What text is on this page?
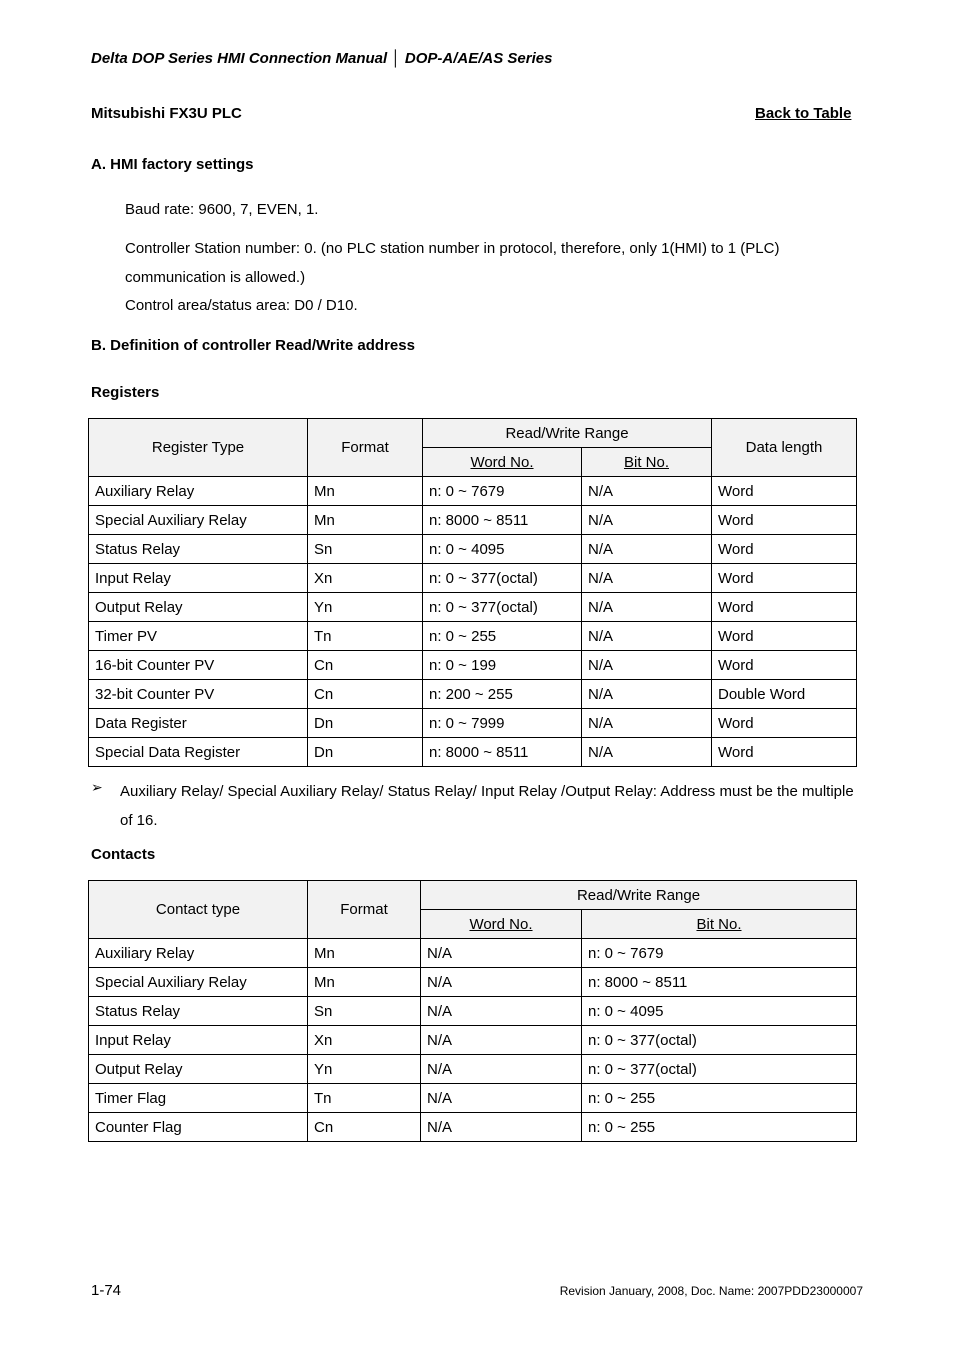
Delta DOP Series HMI Connection Manual │ DOP-A/AE/AS Series
Mitsubishi FX3U PLC	Back to Table
A. HMI factory settings
Baud rate: 9600, 7, EVEN, 1.
Controller Station number: 0. (no PLC station number in protocol, therefore, only 1(HMI) to 1 (PLC) communication is allowed.)
Control area/status area: D0 / D10.
B. Definition of controller Read/Write address
Registers
Register Type	Format	Read/Write Range		Data length
		Word No.	Bit No.	
Auxiliary Relay	Mn	n: 0 ~ 7679	N/A	Word
Special Auxiliary Relay	Mn	n: 8000 ~ 8511	N/A	Word
Status Relay	Sn	n: 0 ~ 4095	N/A	Word
Input Relay	Xn	n: 0 ~ 377(octal)	N/A	Word
Output Relay	Yn	n: 0 ~ 377(octal)	N/A	Word
Timer PV	Tn	n: 0 ~ 255	N/A	Word
16-bit Counter PV	Cn	n: 0 ~ 199	N/A	Word
32-bit Counter PV	Cn	n: 200 ~ 255	N/A	Double Word
Data Register	Dn	n: 0 ~ 7999	N/A	Word
Special Data Register	Dn	n: 8000 ~ 8511	N/A	Word
➢ Auxiliary Relay/ Special Auxiliary Relay/ Status Relay/ Input Relay /Output Relay: Address must be the multiple of 16.
Contacts
Contact type	Format	Read/Write Range	
		Word No.	Bit No.
Auxiliary Relay	Mn	N/A	n: 0 ~ 7679
Special Auxiliary Relay	Mn	N/A	n: 8000 ~ 8511
Status Relay	Sn	N/A	n: 0 ~ 4095
Input Relay	Xn	N/A	n: 0 ~ 377(octal)
Output Relay	Yn	N/A	n: 0 ~ 377(octal)
Timer Flag	Tn	N/A	n: 0 ~ 255
Counter Flag	Cn	N/A	n: 0 ~ 255
1-74	Revision January, 2008, Doc. Name: 2007PDD23000007
